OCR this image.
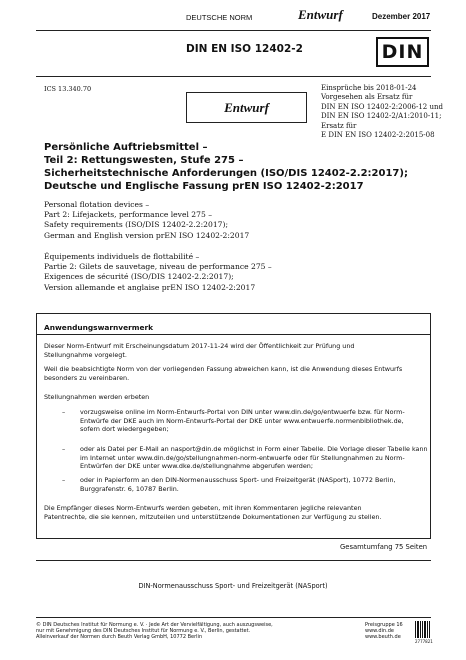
DEUTSCHE NORM	Entwurf	Dezember 2017
DIN EN ISO 12402-2	DIN
ICS 13.340.70
Entwurf
Einsprüche bis 2018-01-24
Vorgesehen als Ersatz für
DIN EN ISO 12402-2:2006-12 und
DIN EN ISO 12402-2/A1:2010-11;
Ersatz für
E DIN EN ISO 12402-2:2015-08
Persönliche Auftriebsmittel –
Teil 2: Rettungswesten, Stufe 275 –
Sicherheitstechnische Anforderungen (ISO/DIS 12402-2.2:2017);
Deutsche und Englische Fassung prEN ISO 12402-2:2017
Personal flotation devices –
Part 2: Lifejackets, performance level 275 –
Safety requirements (ISO/DIS 12402-2.2:2017);
German and English version prEN ISO 12402-2:2017
Équipements individuels de flottabilité –
Partie 2: Gilets de sauvetage, niveau de performance 275 –
Exigences de sécurité (ISO/DIS 12402-2.2:2017);
Version allemande et anglaise prEN ISO 12402-2:2017
Anwendungswarnvermerk
Dieser Norm-Entwurf mit Erscheinungsdatum 2017-11-24 wird der Öffentlichkeit zur Prüfung und
Stellungnahme vorgelegt.
Weil die beabsichtigte Norm von der vorliegenden Fassung abweichen kann, ist die Anwendung dieses Entwurfs
besonders zu vereinbaren.
Stellungnahmen werden erbeten
– vorzugsweise online im Norm-Entwurfs-Portal von DIN unter www.din.de/go/entwuerfe bzw. für Norm-
Entwürfe der DKE auch im Norm-Entwurfs-Portal der DKE unter www.entwuerfe.normenbibliothek.de,
sofern dort wiedergegeben;
– oder als Datei per E-Mail an nasport@din.de möglichst in Form einer Tabelle. Die Vorlage dieser Tabelle kann
im Internet unter www.din.de/go/stellungnahmen-norm-entwuerfe oder für Stellungnahmen zu Norm-
Entwürfen der DKE unter www.dke.de/stellungnahme abgerufen werden;
– oder in Papierform an den DIN-Normenausschuss Sport- und Freizeitgerät (NASport), 10772 Berlin,
Burggrafenstr. 6, 10787 Berlin.
Die Empfänger dieses Norm-Entwurfs werden gebeten, mit ihren Kommentaren jegliche relevanten
Patentrechte, die sie kennen, mitzuteilen und unterstützende Dokumentationen zur Verfügung zu stellen.
Gesamtumfang 75 Seiten
DIN-Normenausschuss Sport- und Freizeitgerät (NASport)
© DIN Deutsches Institut für Normung e. V. · Jede Art der Vervielfältigung, auch auszugsweise,
nur mit Genehmigung des DIN Deutsches Institut für Normung e. V., Berlin, gestattet.
Alleinverkauf der Normen durch Beuth Verlag GmbH, 10772 Berlin
Preisgruppe 16
www.din.de
www.beuth.de
2777821
